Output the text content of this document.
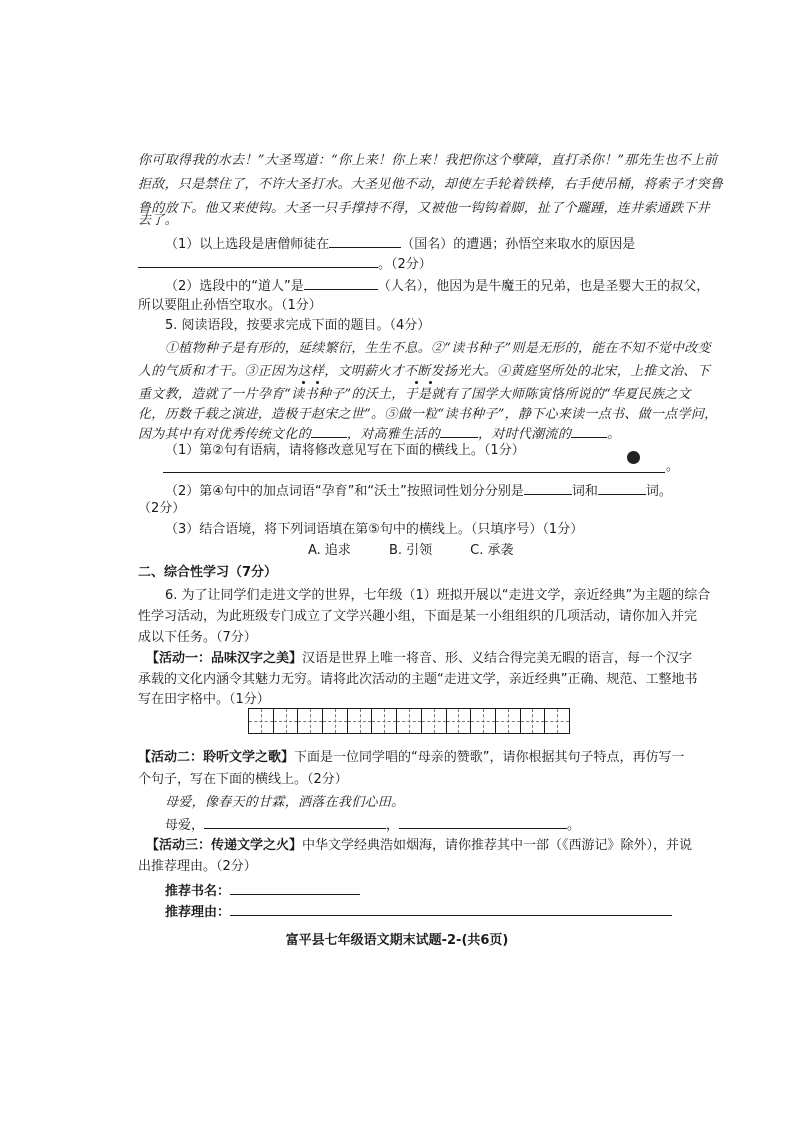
你可取得我的水去！”大圣骂道：“你上来！你上来！我把你这个孽障，直打杀你！”那先生也不上前
拒敌，只是禁住了，不许大圣打水。大圣见他不动，却使左手轮着铁棒，右手使吊桶，将索子才突鲁
鲁的放下。他又来使钩。大圣一只手撑持不得，又被他一钩钩着脚，扯了个躘踵，连井索通跌下井
去了。
（1）以上选段是唐僧师徒在	（国名）的遭遇；孙悟空来取水的原因是
。（2分）
（2）选段中的“道人”是	（人名），他因为是牛魔王的兄弟，也是圣婴大王的叔父，
所以要阻止孙悟空取水。（1分）
5. 阅读语段，按要求完成下面的题目。（4分）
①植物种子是有形的，延续繁衍，生生不息。②“读书种子”则是无形的，能在不知不觉中改变
人的气质和才干。③正因为这样，文明薪火才不断发扬光大。④黄庭坚所处的北宋，上推文治、下
重文教，造就了一片孕育“读书种子”的沃土，于是就有了国学大师陈寅恪所说的“华夏民族之文
化，历数千载之演进，造极于赵宋之世”。⑤做一粒“读书种子”，静下心来读一点书、做一点学问，
因为其中有对优秀传统文化的	，对高雅生活的	，对时代潮流的	。
（1）第②句有语病，请将修改意见写在下面的横线上。（1分）
。
（2）第④句中的加点词语“孕育”和“沃土”按照词性划分分别是	词和	词。
（2分）
（3）结合语境，将下列词语填在第⑤句中的横线上。（只填序号）（1分）
A. 追求	B. 引领	C. 承袭
二、综合性学习（7分）
6. 为了让同学们走进文学的世界，七年级（1）班拟开展以“走进文学，亲近经典”为主题的综合
性学习活动，为此班级专门成立了文学兴趣小组，下面是某一小组组织的几项活动，请你加入并完
成以下任务。（7分）
【活动一：品味汉字之美】汉语是世界上唯一将音、形、义结合得完美无暇的语言，每一个汉字
承载的文化内涵令其魅力无穷。请将此次活动的主题“走进文学，亲近经典”正确、规范、工整地书
写在田字格中。（1分）
【活动二：聆听文学之歌】下面是一位同学唱的“母亲的赞歌”，请你根据其句子特点，再仿写一
个句子，写在下面的横线上。（2分）
母爱，像春天的甘霖，洒落在我们心田。
母爱，	，	。
【活动三：传递文学之火】中华文学经典浩如烟海，请你推荐其中一部（《西游记》除外），并说
出推荐理由。（2分）
推荐书名：
推荐理由：
富平县七年级语文期末试题-2-(共6页)
